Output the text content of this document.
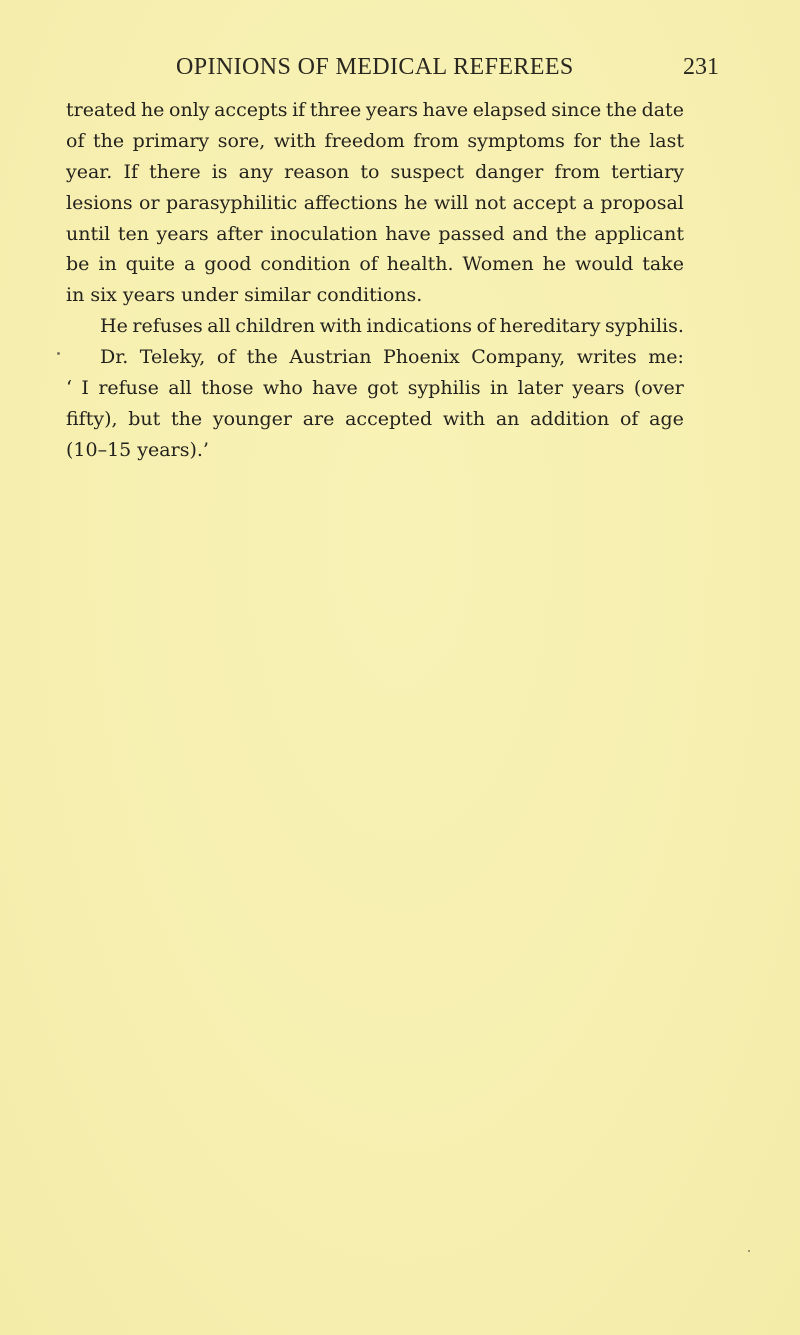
OPINIONS OF MEDICAL REFEREES	231
treated he only accepts if three years have elapsed since the date
of the primary sore, with freedom from symptoms for the last
year. If there is any reason to suspect danger from tertiary
lesions or parasyphilitic affections he will not accept a proposal
until ten years after inoculation have passed and the applicant
be in quite a good condition of health. Women he would take
in six years under similar conditions.
He refuses all children with indications of hereditary syphilis.
Dr. Teleky, of the Austrian Phoenix Company, writes me:
‘ I refuse all those who have got syphilis in later years (over
fifty), but the younger are accepted with an addition of age
(10–15 years).’
